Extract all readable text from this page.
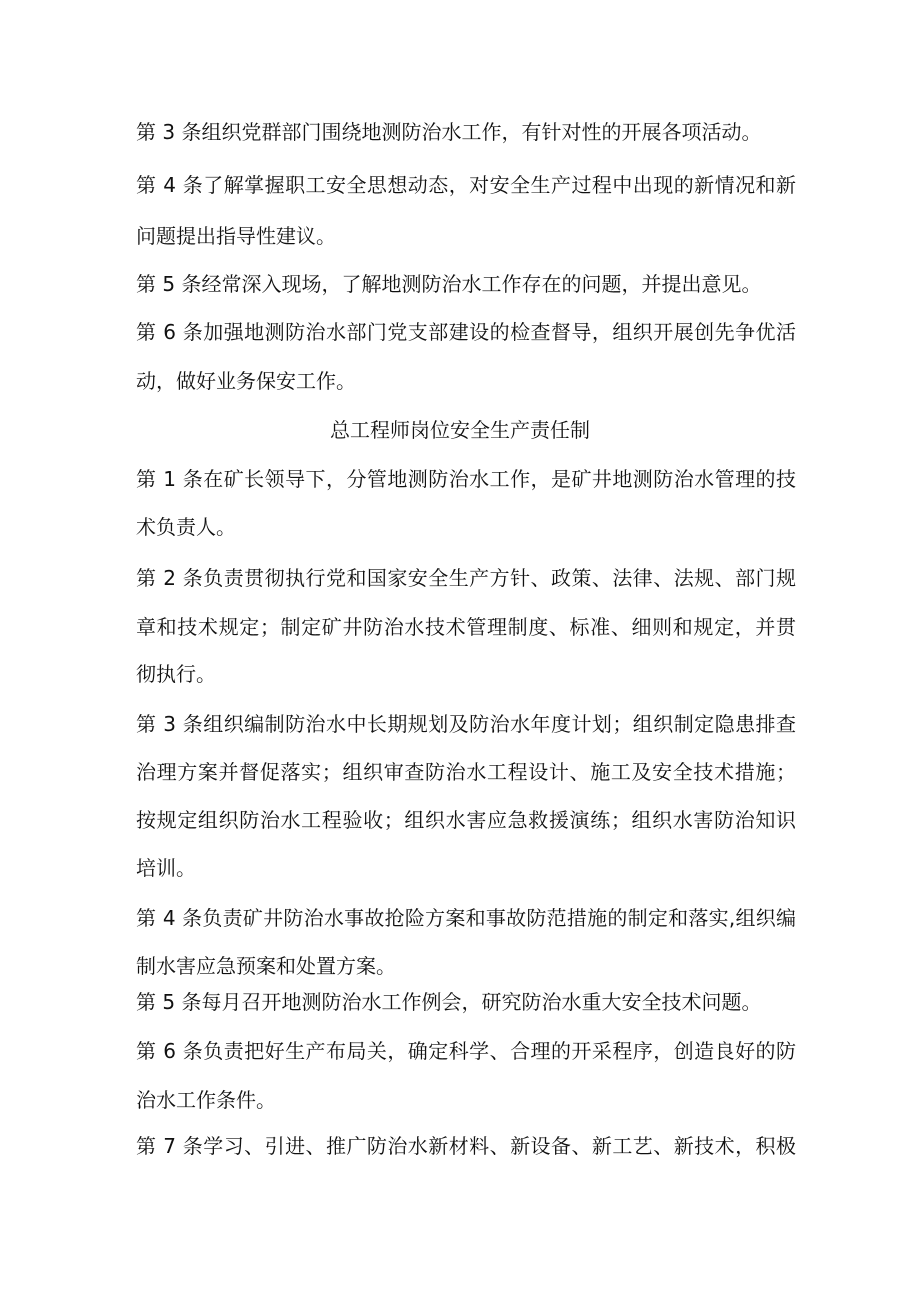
第 3 条组织党群部门围绕地测防治水工作，有针对性的开展各项活动。
第 4 条了解掌握职工安全思想动态，对安全生产过程中出现的新情况和新
问题提出指导性建议。
第 5 条经常深入现场，了解地测防治水工作存在的问题，并提出意见。
第 6 条加强地测防治水部门党支部建设的检查督导，组织开展创先争优活
动，做好业务保安工作。
总工程师岗位安全生产责任制
第 1 条在矿长领导下，分管地测防治水工作，是矿井地测防治水管理的技
术负责人。
第 2 条负责贯彻执行党和国家安全生产方针、政策、法律、法规、部门规
章和技术规定；制定矿井防治水技术管理制度、标准、细则和规定，并贯
彻执行。
第 3 条组织编制防治水中长期规划及防治水年度计划；组织制定隐患排查
治理方案并督促落实；组织审查防治水工程设计、施工及安全技术措施；
按规定组织防治水工程验收；组织水害应急救援演练；组织水害防治知识
培训。
第 4 条负责矿井防治水事故抢险方案和事故防范措施的制定和落实,组织编
制水害应急预案和处置方案。
第 5 条每月召开地测防治水工作例会，研究防治水重大安全技术问题。
第 6 条负责把好生产布局关，确定科学、合理的开采程序，创造良好的防
治水工作条件。
第 7 条学习、引进、推广防治水新材料、新设备、新工艺、新技术，积极
